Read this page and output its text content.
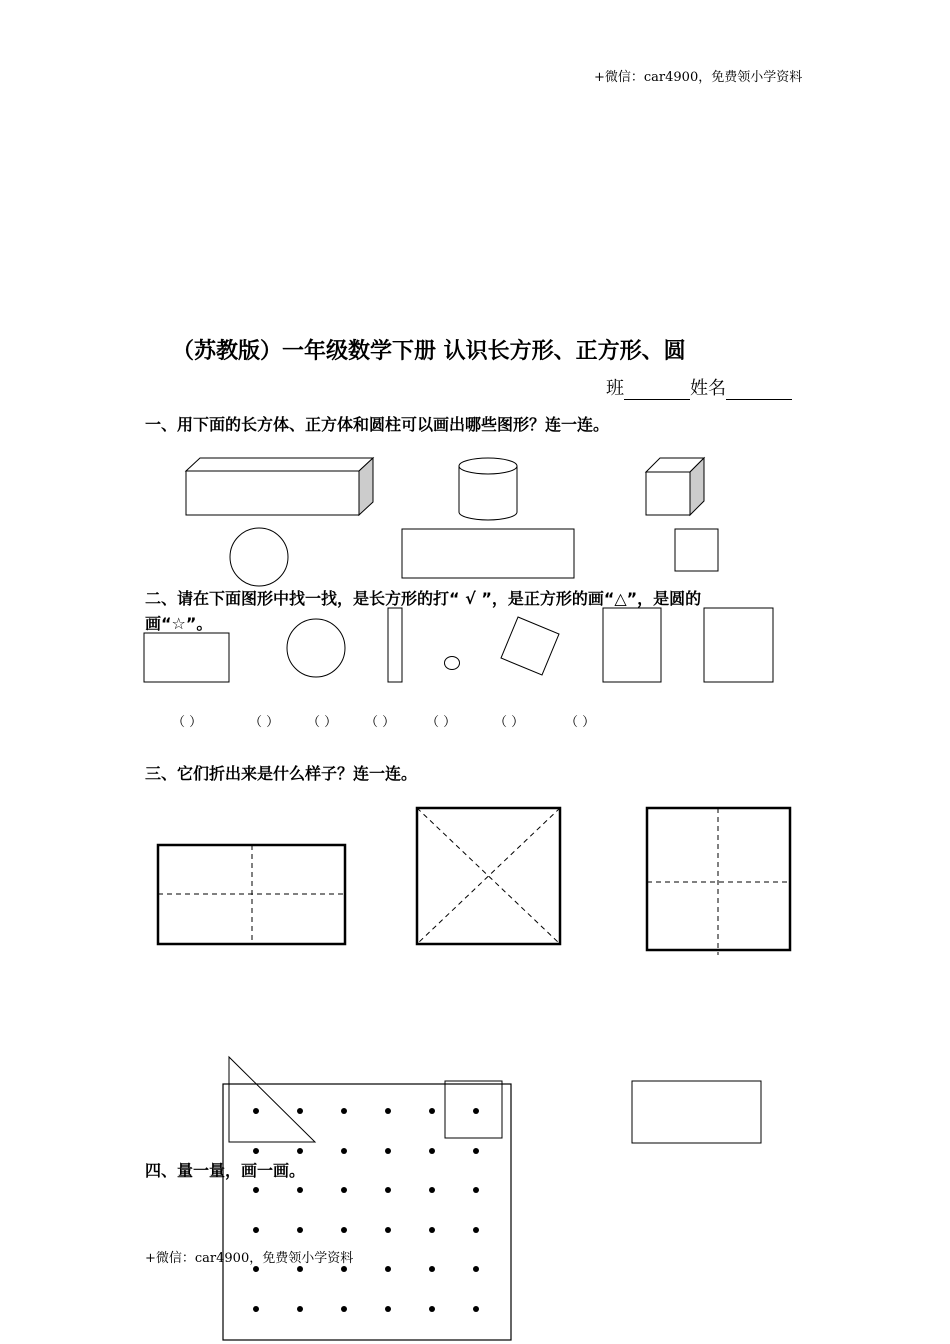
+微信：car4900，免费领小学资料
+微信：car4900，免费领小学资料
（苏教版）一年级数学下册 认识长方形、正方形、圆
班	姓名
一、用下面的长方体、正方体和圆柱可以画出哪些图形？连一连。
二、请在下面图形中找一找，是长方形的打“ √ ”，是正方形的画“△”，是圆的
画“☆”。
三、它们折出来是什么样子？连一连。
四、量一量，画一画。
（ ）	（ ） （ ） （ ） （ ）	（ ）	（ ）
